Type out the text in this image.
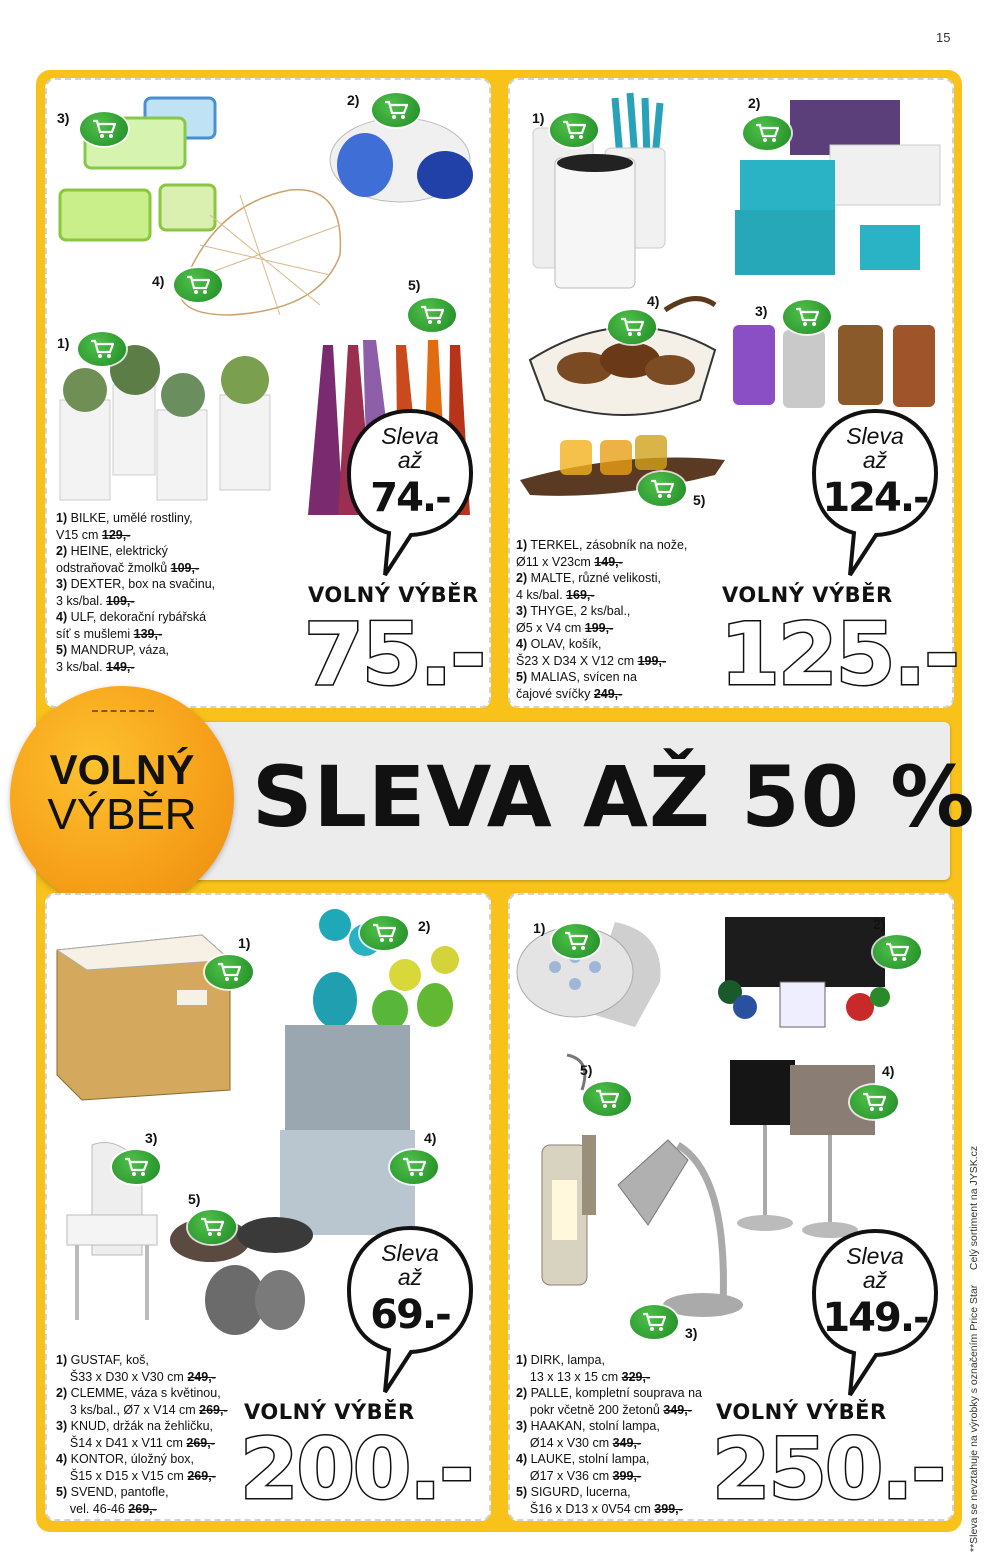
15
3)
2)
4)
1)
5)
Sleva
až
74.-
1) BILKE, umělé rostliny,
V15 cm 129,-
2) HEINE, elektrický
odstraňovač žmolků 109,-
3) DEXTER, box na svačinu,
3 ks/bal. 109,-
4) ULF, dekorační rybářská
síť s mušlemi 139,-
5) MANDRUP, váza,
3 ks/bal. 149,-
VOLNÝ VÝBĚR
75.-
1)
2)
3)
4)
5)
Sleva
až
124.-
1) TERKEL, zásobník na nože,
Ø11 x V23cm 149,-
2) MALTE, různé velikosti,
4 ks/bal. 169,-
3) THYGE, 2 ks/bal.,
Ø5 x V4 cm 199,-
4) OLAV, košík,
Š23 X D34 X V12 cm 199,-
5) MALIAS, svícen na
čajové svíčky 249,-
VOLNÝ VÝBĚR
125.-
SLEVA AŽ 50 %
VOLNÝ
VÝBĚR
1)
2)
3)	4)
5)
Sleva
až
69.-
1) GUSTAF, koš,
Š33 x D30 x V30 cm 249,-
2) CLEMME, váza s květinou,
3 ks/bal., Ø7 x V14 cm 269,-
3) KNUD, držák na žehličku,
Š14 x D41 x V11 cm 269,-
4) KONTOR, úložný box,
Š15 x D15 x V15 cm 269,-
5) SVEND, pantofle,
vel. 46-46 269,-
VOLNÝ VÝBĚR
200.-
1)	2)
3)
4)
5)
Sleva
až
149.-
1) DIRK, lampa,
13 x 13 x 15 cm 329,-
2) PALLE, kompletní souprava na
pokr včetně 200 žetonů 349,-
3) HAAKAN, stolní lampa,
Ø14 x V30 cm 349,-
4) LAUKE, stolní lampa,
Ø17 x V36 cm 399,-
5) SIGURD, lucerna,
Š16 x D13 x 0V54 cm 399,-
VOLNÝ VÝBĚR
250.- **Sleva se nevztahuje na výrobky s označením Price Star     Celý sortiment na JYSK.cz
